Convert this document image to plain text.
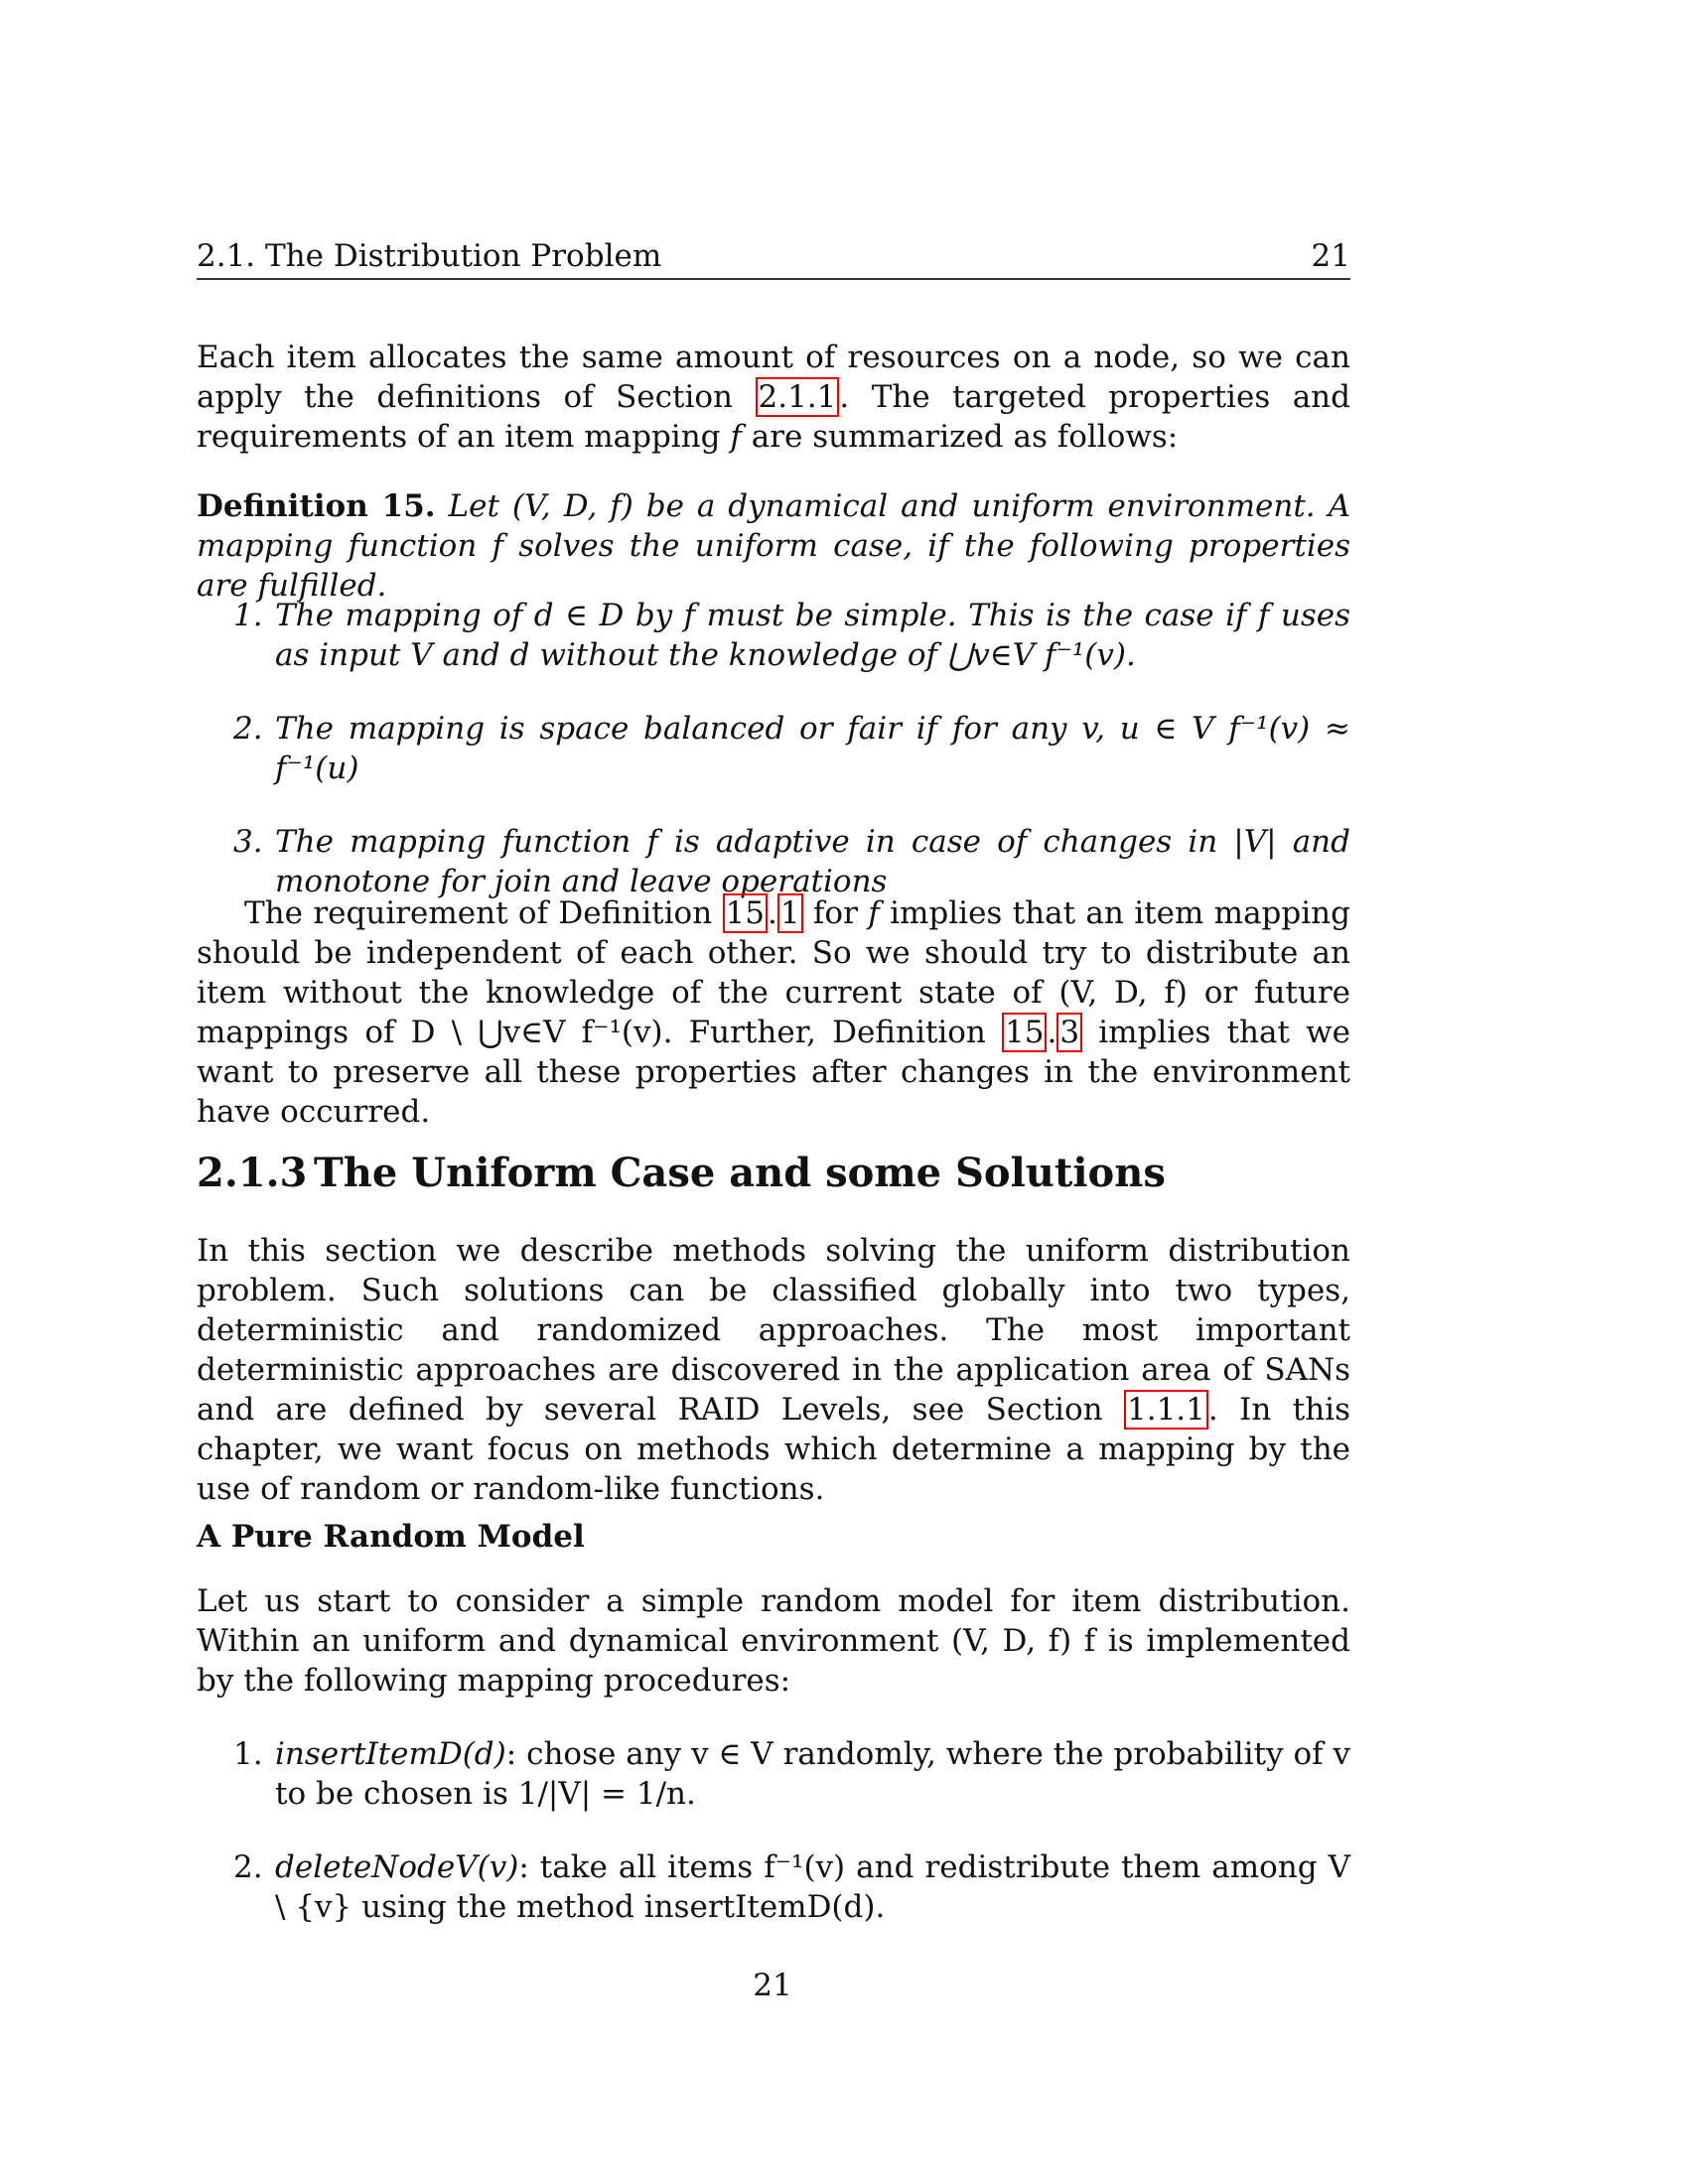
2.1. The Distribution Problem	21
Each item allocates the same amount of resources on a node, so we can apply the definitions of Section 2.1.1. The targeted properties and requirements of an item mapping f are summarized as follows:
Definition 15. Let (V, D, f) be a dynamical and uniform environment. A mapping function f solves the uniform case, if the following properties are fulfilled.
1. The mapping of d ∈ D by f must be simple. This is the case if f uses as input V and d without the knowledge of ⋃v∈V f⁻¹(v).
2. The mapping is space balanced or fair if for any v, u ∈ V f⁻¹(v) ≈ f⁻¹(u)
3. The mapping function f is adaptive in case of changes in |V| and monotone for join and leave operations
The requirement of Definition 15.1 for f implies that an item mapping should be independent of each other. So we should try to distribute an item without the knowledge of the current state of (V, D, f) or future mappings of D \ ⋃v∈V f⁻¹(v). Further, Definition 15.3 implies that we want to preserve all these properties after changes in the environment have occurred.
2.1.3 The Uniform Case and some Solutions
In this section we describe methods solving the uniform distribution problem. Such solutions can be classified globally into two types, deterministic and randomized approaches. The most important deterministic approaches are discovered in the application area of SANs and are defined by several RAID Levels, see Section 1.1.1. In this chapter, we want focus on methods which determine a mapping by the use of random or random-like functions.
A Pure Random Model
Let us start to consider a simple random model for item distribution. Within an uniform and dynamical environment (V, D, f) f is implemented by the following mapping procedures:
1. insertItemD(d): chose any v ∈ V randomly, where the probability of v to be chosen is 1/|V| = 1/n.
2. deleteNodeV(v): take all items f⁻¹(v) and redistribute them among V \ {v} using the method insertItemD(d).
21
